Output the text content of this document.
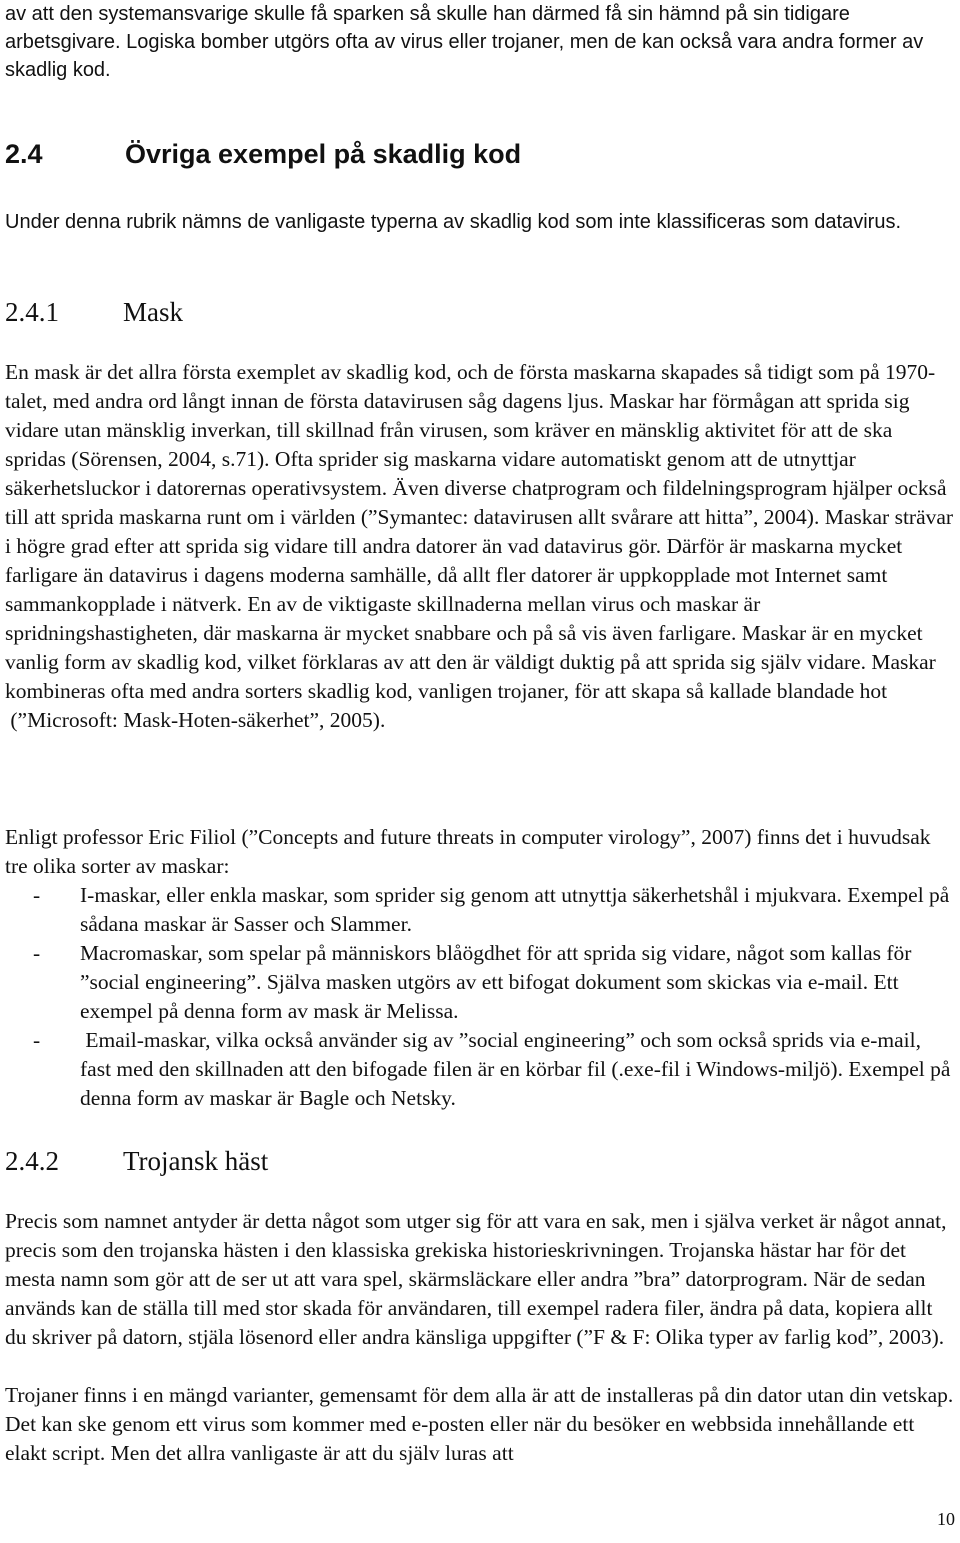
av att den systemansvarige skulle få sparken så skulle han därmed få sin hämnd på sin tidigare arbetsgivare. Logiska bomber utgörs ofta av virus eller trojaner, men de kan också vara andra former av skadlig kod.

2.4	Övriga exempel på skadlig kod

Under denna rubrik nämns de vanligaste typerna av skadlig kod som inte klassificeras som datavirus.

2.4.1 Mask
En mask är det allra första exemplet av skadlig kod, och de första maskarna skapades så tidigt som på 1970-talet, med andra ord långt innan de första datavirusen såg dagens ljus. Maskar har förmågan att sprida sig vidare utan mänsklig inverkan, till skillnad från virusen, som kräver en mänsklig aktivitet för att de ska spridas (Sörensen, 2004, s.71). Ofta sprider sig maskarna vidare automatiskt genom att de utnyttjar säkerhetsluckor i datorernas operativsystem. Även diverse chatprogram och fildelningsprogram hjälper också till att sprida maskarna runt om i världen (”Symantec: datavirusen allt svårare att hitta”, 2004). Maskar strävar i högre grad efter att sprida sig vidare till andra datorer än vad datavirus gör. Därför är maskarna mycket farligare än datavirus i dagens moderna samhälle, då allt fler datorer är uppkopplade mot Internet samt sammankopplade i nätverk. En av de viktigaste skillnaderna mellan virus och maskar är spridningshastigheten, där maskarna är mycket snabbare och på så vis även farligare. Maskar är en mycket vanlig form av skadlig kod, vilket förklaras av att den är väldigt duktig på att sprida sig själv vidare. Maskar kombineras ofta med andra sorters skadlig kod, vanligen trojaner, för att skapa så kallade blandade hot
(”Microsoft: Mask-Hoten-säkerhet”, 2005).

Enligt professor Eric Filiol (”Concepts and future threats in computer virology”, 2007) finns det i huvudsak tre olika sorter av maskar:

- I-maskar, eller enkla maskar, som sprider sig genom att utnyttja säkerhetshål i mjukvara. Exempel på sådana maskar är Sasser och Slammer.
- Macromaskar, som spelar på människors blåögdhet för att sprida sig vidare, något som kallas för ”social engineering”. Själva masken utgörs av ett bifogat dokument som skickas via e-mail. Ett exempel på denna form av mask är Melissa.
- Email-maskar, vilka också använder sig av ”social engineering” och som också sprids via e-mail, fast med den skillnaden att den bifogade filen är en körbar fil (.exe-fil i Windows-miljö). Exempel på denna form av maskar är Bagle och Netsky.
2.4.2 Trojansk häst

Precis som namnet antyder är detta något som utger sig för att vara en sak, men i själva verket är något annat, precis som den trojanska hästen i den klassiska grekiska historieskrivningen. Trojanska hästar har för det mesta namn som gör att de ser ut att vara spel, skärmsläckare eller andra ”bra” datorprogram. När de sedan används kan de ställa till med stor skada för användaren, till exempel radera filer, ändra på data, kopiera allt du skriver på datorn, stjäla lösenord eller andra känsliga uppgifter (”F & F: Olika typer av farlig kod”, 2003).

Trojaner finns i en mängd varianter, gemensamt för dem alla är att de installeras på din dator utan din vetskap. Det kan ske genom ett virus som kommer med e-posten eller när du besöker en webbsida innehållande ett elakt script. Men det allra vanligaste är att du själv luras att

10
